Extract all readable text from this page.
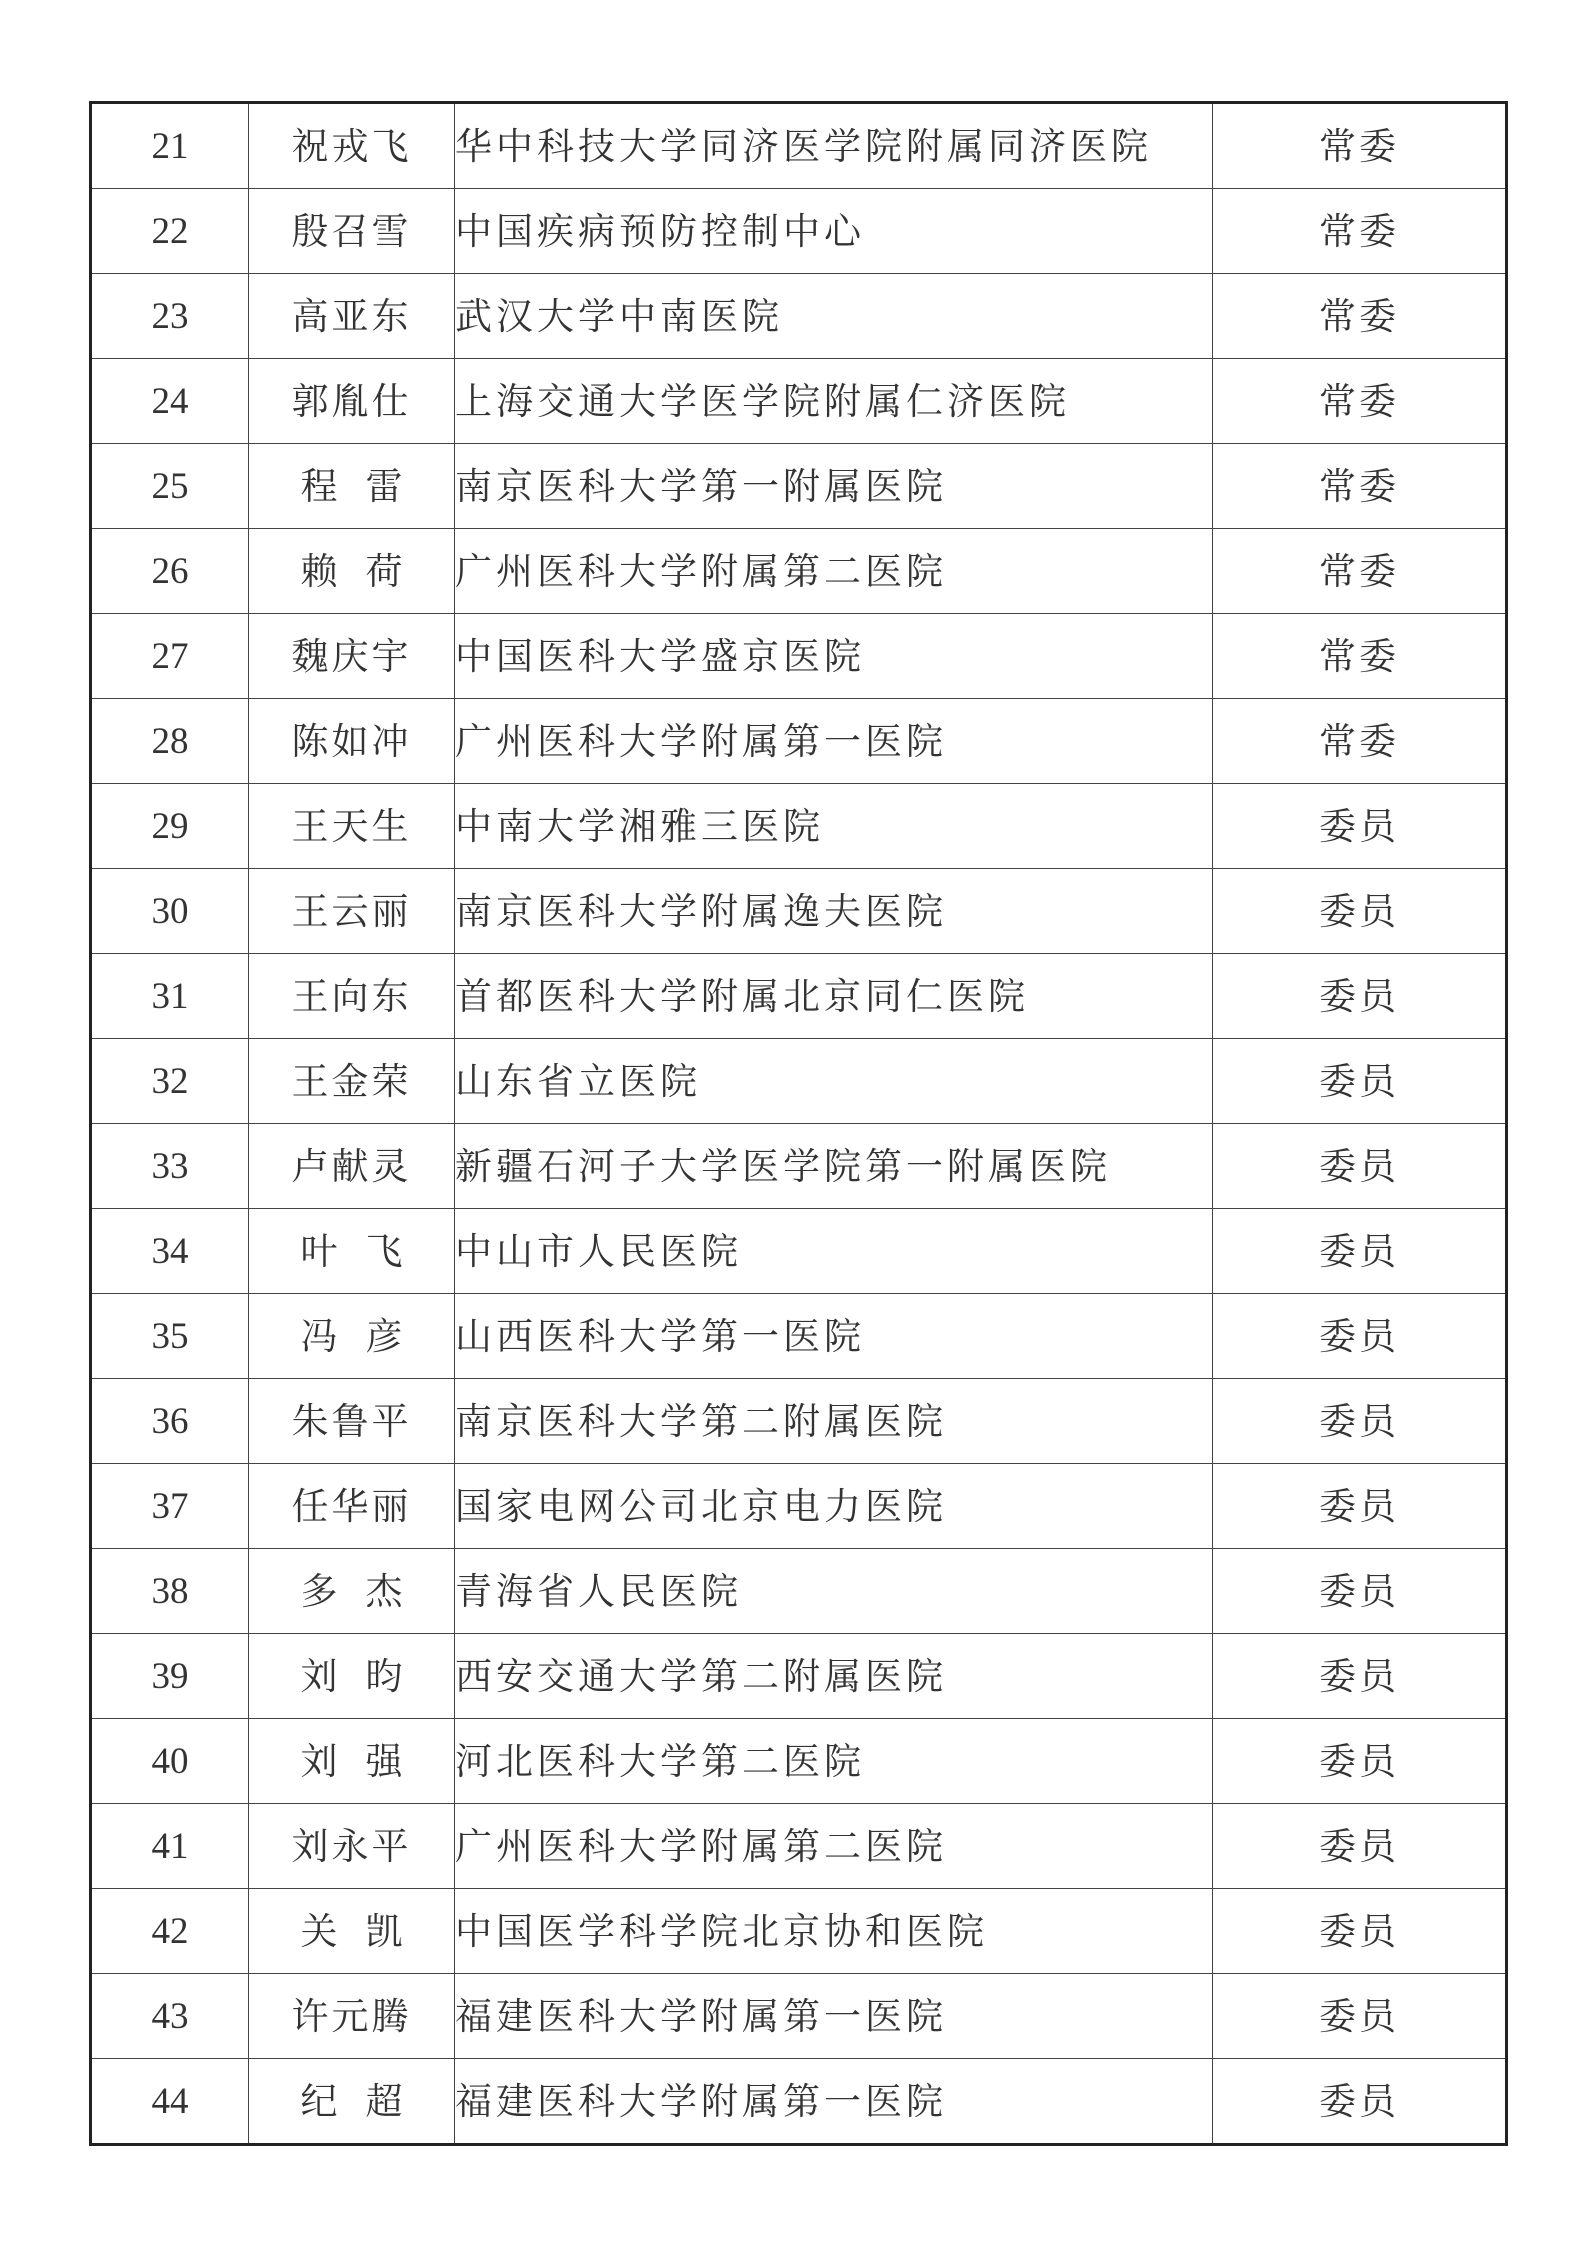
21	祝戎飞	华中科技大学同济医学院附属同济医院	常委
22	殷召雪	中国疾病预防控制中心	常委
23	高亚东	武汉大学中南医院	常委
24	郭胤仕	上海交通大学医学院附属仁济医院	常委
25	程雷	南京医科大学第一附属医院	常委
26	赖荷	广州医科大学附属第二医院	常委
27	魏庆宇	中国医科大学盛京医院	常委
28	陈如冲	广州医科大学附属第一医院	常委
29	王天生	中南大学湘雅三医院	委员
30	王云丽	南京医科大学附属逸夫医院	委员
31	王向东	首都医科大学附属北京同仁医院	委员
32	王金荣	山东省立医院	委员
33	卢献灵	新疆石河子大学医学院第一附属医院	委员
34	叶飞	中山市人民医院	委员
35	冯彦	山西医科大学第一医院	委员
36	朱鲁平	南京医科大学第二附属医院	委员
37	任华丽	国家电网公司北京电力医院	委员
38	多杰	青海省人民医院	委员
39	刘昀	西安交通大学第二附属医院	委员
40	刘强	河北医科大学第二医院	委员
41	刘永平	广州医科大学附属第二医院	委员
42	关凯	中国医学科学院北京协和医院	委员
43	许元腾	福建医科大学附属第一医院	委员
44	纪超	福建医科大学附属第一医院	委员
